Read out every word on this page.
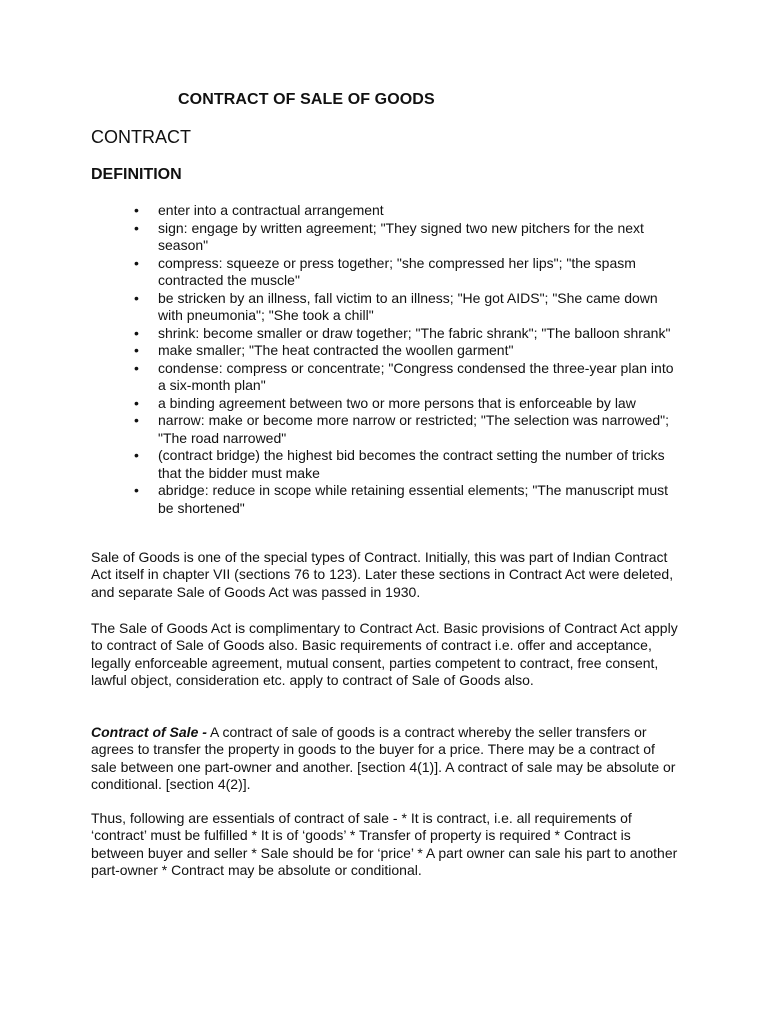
CONTRACT OF SALE OF GOODS
CONTRACT
DEFINITION
• enter into a contractual arrangement
• sign: engage by written agreement; "They signed two new pitchers for the next season"
• compress: squeeze or press together; "she compressed her lips"; "the spasm contracted the muscle"
• be stricken by an illness, fall victim to an illness; "He got AIDS"; "She came down with pneumonia"; "She took a chill"
• shrink: become smaller or draw together; "The fabric shrank"; "The balloon shrank"
• make smaller; "The heat contracted the woollen garment"
• condense: compress or concentrate; "Congress condensed the three-year plan into a six-month plan"
• a binding agreement between two or more persons that is enforceable by law
• narrow: make or become more narrow or restricted; "The selection was narrowed"; "The road narrowed"
• (contract bridge) the highest bid becomes the contract setting the number of tricks that the bidder must make
• abridge: reduce in scope while retaining essential elements; "The manuscript must be shortened"

Sale of Goods is one of the special types of Contract. Initially, this was part of Indian Contract Act itself in chapter VII (sections 76 to 123). Later these sections in Contract Act were deleted, and separate Sale of Goods Act was passed in 1930.

The Sale of Goods Act is complimentary to Contract Act. Basic provisions of Contract Act apply to contract of Sale of Goods also. Basic requirements of contract i.e. offer and acceptance, legally enforceable agreement, mutual consent, parties competent to contract, free consent, lawful object, consideration etc. apply to contract of Sale of Goods also.

Contract of Sale - A contract of sale of goods is a contract whereby the seller transfers or agrees to transfer the property in goods to the buyer for a price. There may be a contract of sale between one part-owner and another. [section 4(1)]. A contract of sale may be absolute or conditional. [section 4(2)].

Thus, following are essentials of contract of sale - * It is contract, i.e. all requirements of ‘contract’ must be fulfilled * It is of ‘goods’ * Transfer of property is required * Contract is between buyer and seller * Sale should be for ‘price’ * A part owner can sale his part to another part-owner * Contract may be absolute or conditional.
